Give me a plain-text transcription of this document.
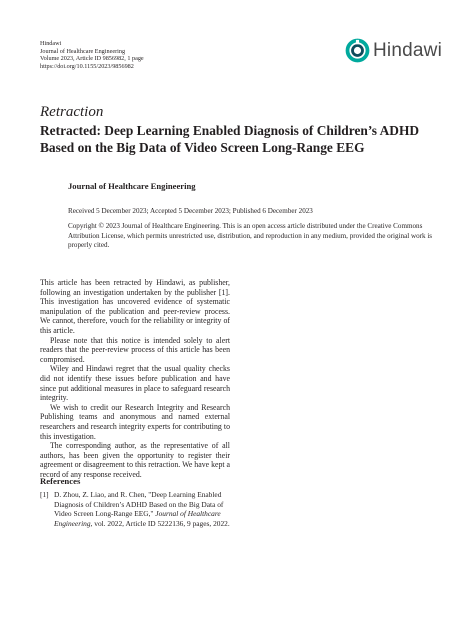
Hindawi
Journal of Healthcare Engineering
Volume 2023, Article ID 9856982, 1 page
https://doi.org/10.1155/2023/9856982
Hindawi
Retraction
Retracted: Deep Learning Enabled Diagnosis of Children’s ADHD Based on the Big Data of Video Screen Long-Range EEG
Journal of Healthcare Engineering
Received 5 December 2023; Accepted 5 December 2023; Published 6 December 2023
Copyright © 2023 Journal of Healthcare Engineering. This is an open access article distributed under the Creative Commons Attribution License, which permits unrestricted use, distribution, and reproduction in any medium, provided the original work is properly cited.

This article has been retracted by Hindawi, as publisher, following an investigation undertaken by the publisher [1]. This investigation has uncovered evidence of systematic manipulation of the publication and peer-review process. We cannot, therefore, vouch for the reliability or integrity of this article.

Please note that this notice is intended solely to alert readers that the peer-review process of this article has been compromised.

Wiley and Hindawi regret that the usual quality checks did not identify these issues before publication and have since put additional measures in place to safeguard research integrity.

We wish to credit our Research Integrity and Research Publishing teams and anonymous and named external researchers and research integrity experts for contributing to this investigation.

The corresponding author, as the representative of all authors, has been given the opportunity to register their agreement or disagreement to this retraction. We have kept a record of any response received.

References
[1] D. Zhou, Z. Liao, and R. Chen, "Deep Learning Enabled Diagnosis of Children’s ADHD Based on the Big Data of Video Screen Long-Range EEG," Journal of Healthcare Engineering, vol. 2022, Article ID 5222136, 9 pages, 2022.
